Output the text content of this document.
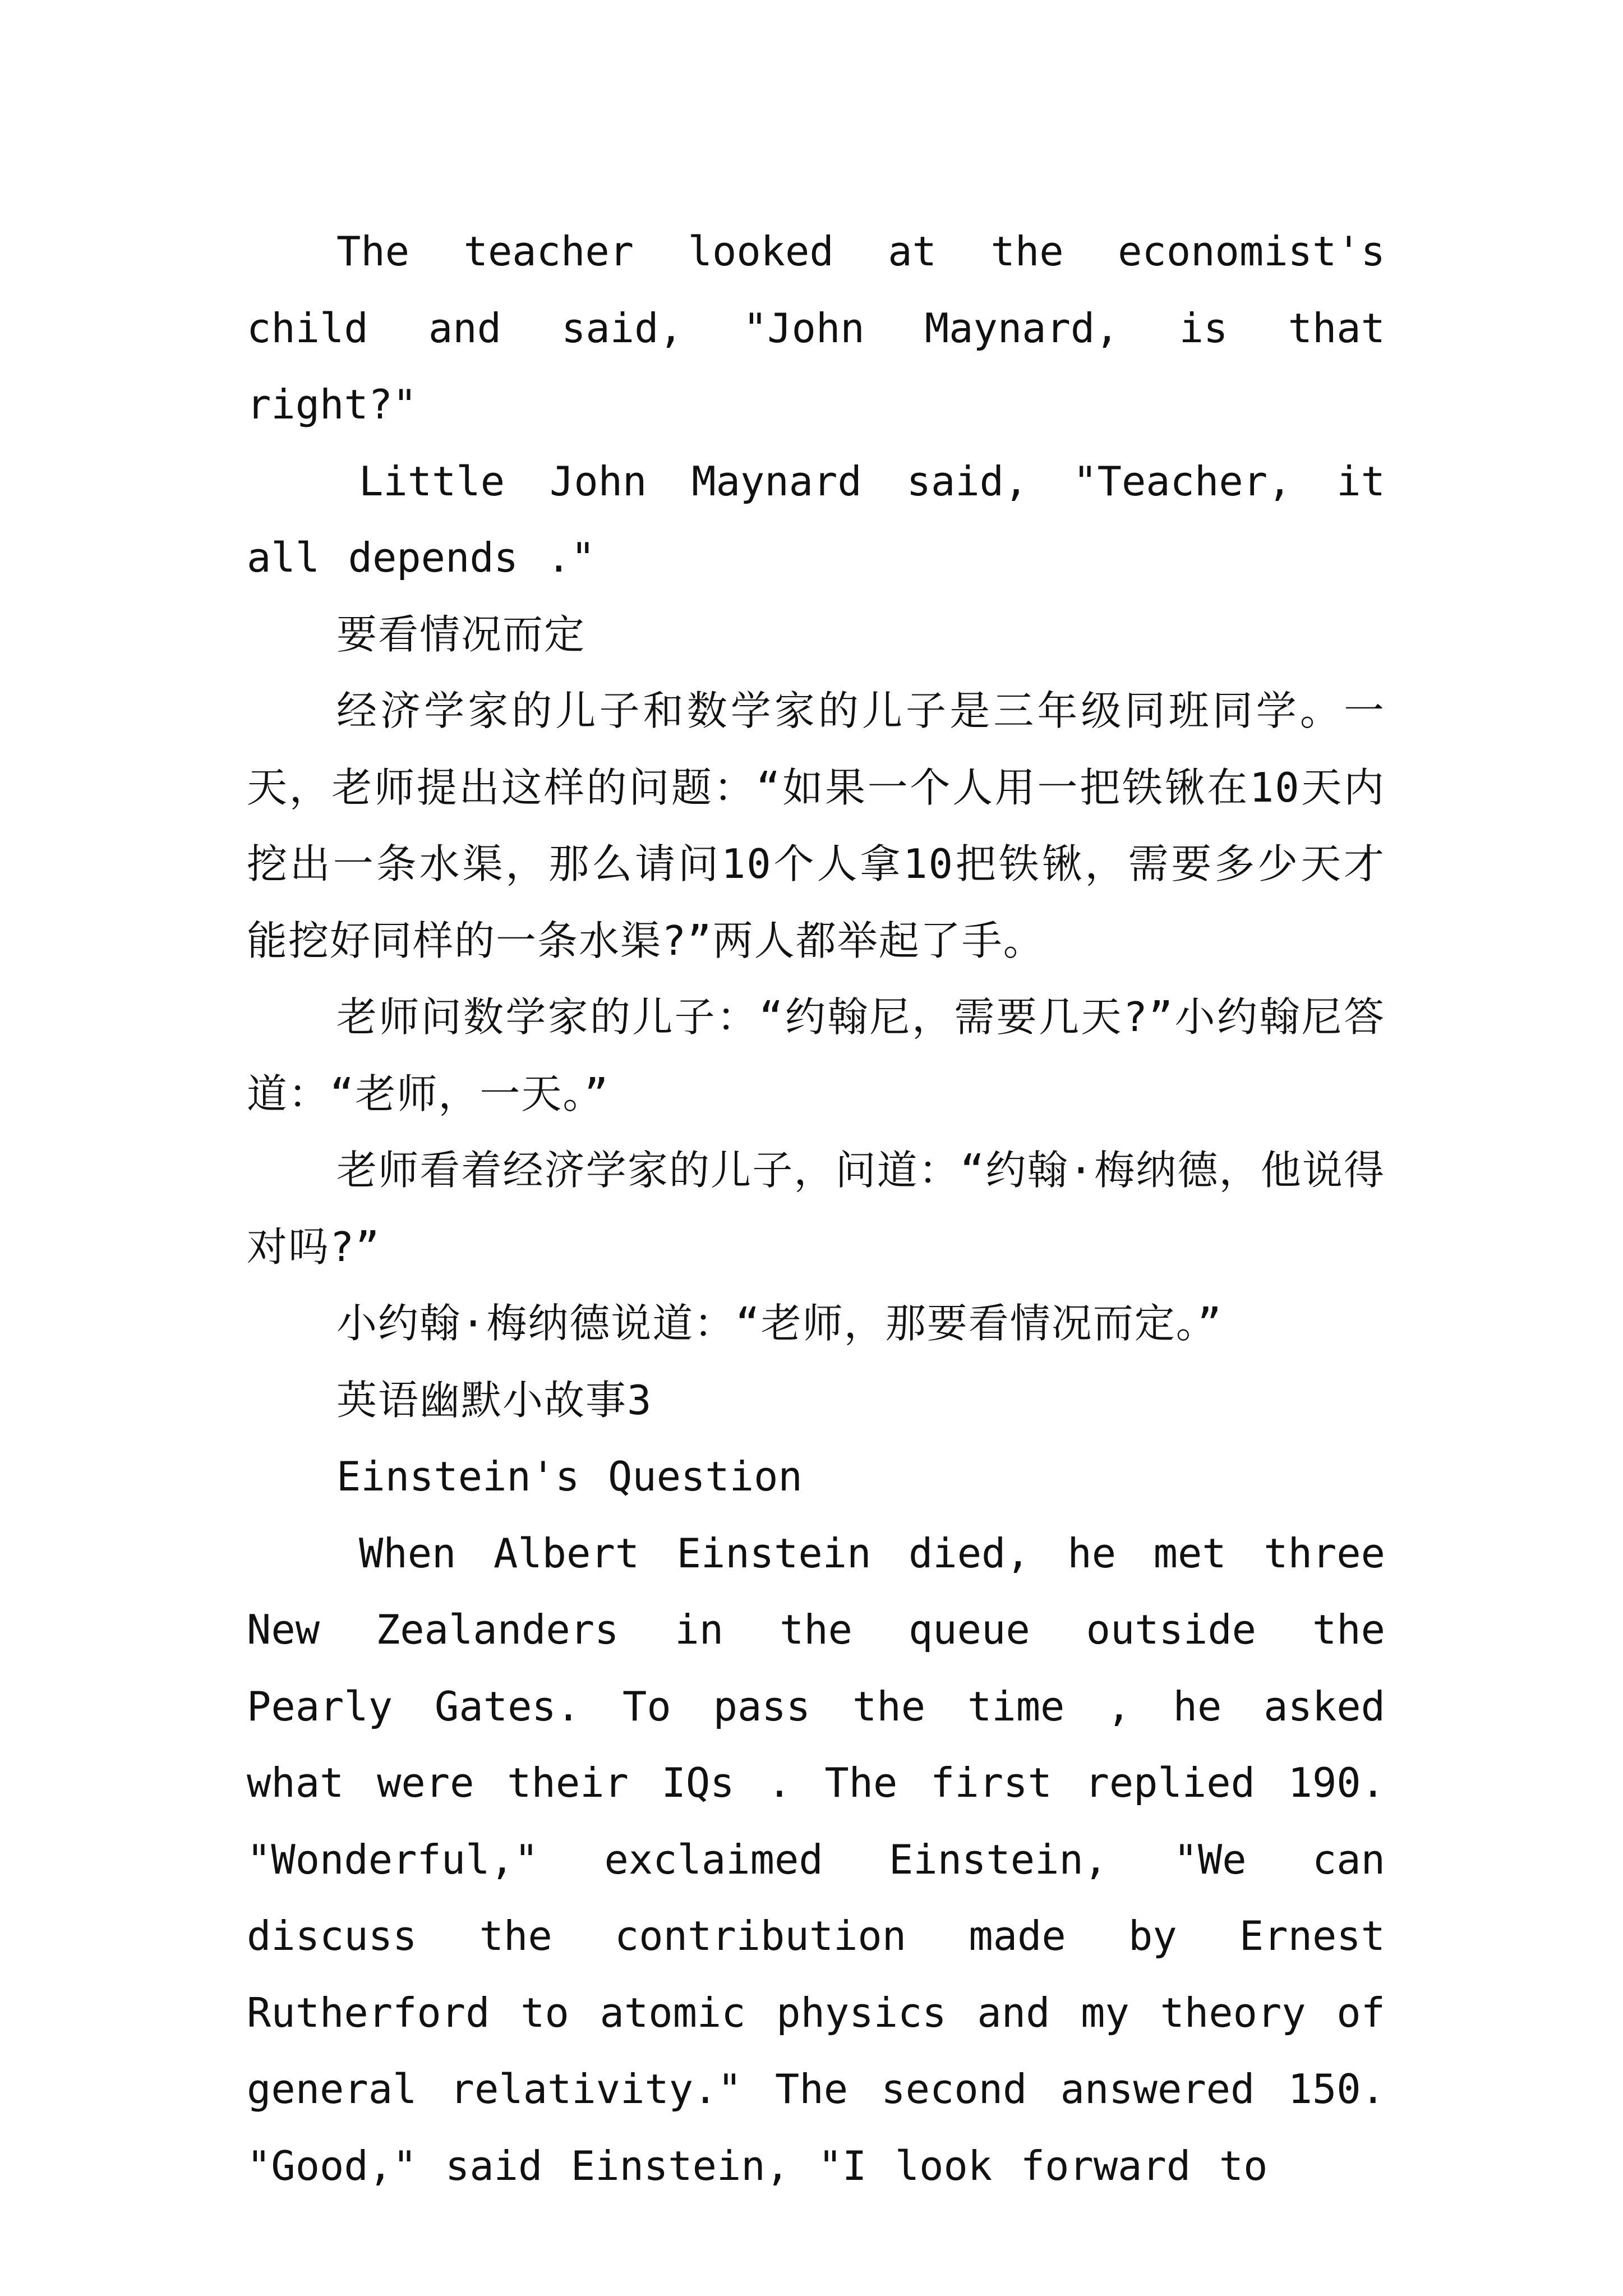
The teacher looked at the economist's child and said, "John Maynard, is that right?"

Little John Maynard said, "Teacher, it all depends ."

要看情况而定

经济学家的儿子和数学家的儿子是三年级同班同学。一天，老师提出这样的问题：“如果一个人用一把铁锹在10天内挖出一条水渠，那么请问10个人拿10把铁锹，需要多少天才能挖好同样的一条水渠?”两人都举起了手。

老师问数学家的儿子：“约翰尼，需要几天?”小约翰尼答道：“老师，一天。”

老师看着经济学家的儿子，问道：“约翰·梅纳德，他说得对吗?”

小约翰·梅纳德说道：“老师，那要看情况而定。”

英语幽默小故事3

Einstein's Question

When Albert Einstein died, he met three New Zealanders in the queue outside the Pearly Gates. To pass the time , he asked what were their IQs . The first replied 190. "Wonderful," exclaimed Einstein, "We can discuss the contribution made by Ernest Rutherford to atomic physics and my theory of general relativity." The second answered 150. "Good," said Einstein, "I look forward to
